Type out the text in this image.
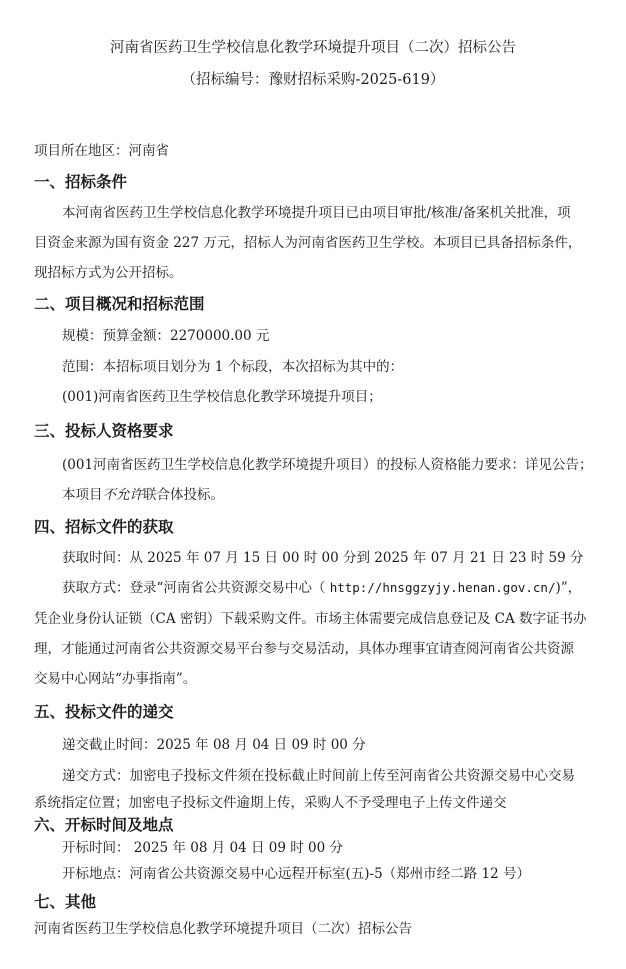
河南省医药卫生学校信息化教学环境提升项目（二次）招标公告
（招标编号：豫财招标采购-2025-619）
项目所在地区：河南省
一、招标条件
本河南省医药卫生学校信息化教学环境提升项目已由项目审批/核准/备案机关批准，项
目资金来源为国有资金 227 万元，招标人为河南省医药卫生学校。本项目已具备招标条件，
现招标方式为公开招标。
二、项目概况和招标范围
规模：预算金额：2270000.00 元
范围：本招标项目划分为 1 个标段，本次招标为其中的：
(001)河南省医药卫生学校信息化教学环境提升项目；
三、投标人资格要求
(001河南省医药卫生学校信息化教学环境提升项目）的投标人资格能力要求：详见公告；
本项目不允许联合体投标。
四、招标文件的获取
获取时间：从 2025 年 07 月 15 日 00 时 00 分到 2025 年 07 月 21 日 23 时 59 分
获取方式：登录“河南省公共资源交易中心（ http://hnsggzyjy.henan.gov.cn/)”，
凭企业身份认证锁（CA 密钥）下载采购文件。市场主体需要完成信息登记及 CA 数字证书办
理，才能通过河南省公共资源交易平台参与交易活动，具体办理事宜请查阅河南省公共资源
交易中心网站“办事指南”。
五、投标文件的递交
递交截止时间：2025 年 08 月 04 日 09 时 00 分
递交方式：加密电子投标文件须在投标截止时间前上传至河南省公共资源交易中心交易
系统指定位置；加密电子投标文件逾期上传，采购人不予受理电子上传文件递交
六、开标时间及地点
开标时间： 2025 年 08 月 04 日 09 时 00 分
开标地点：河南省公共资源交易中心远程开标室(五)-5（郑州市经二路 12 号）
七、其他
河南省医药卫生学校信息化教学环境提升项目（二次）招标公告
